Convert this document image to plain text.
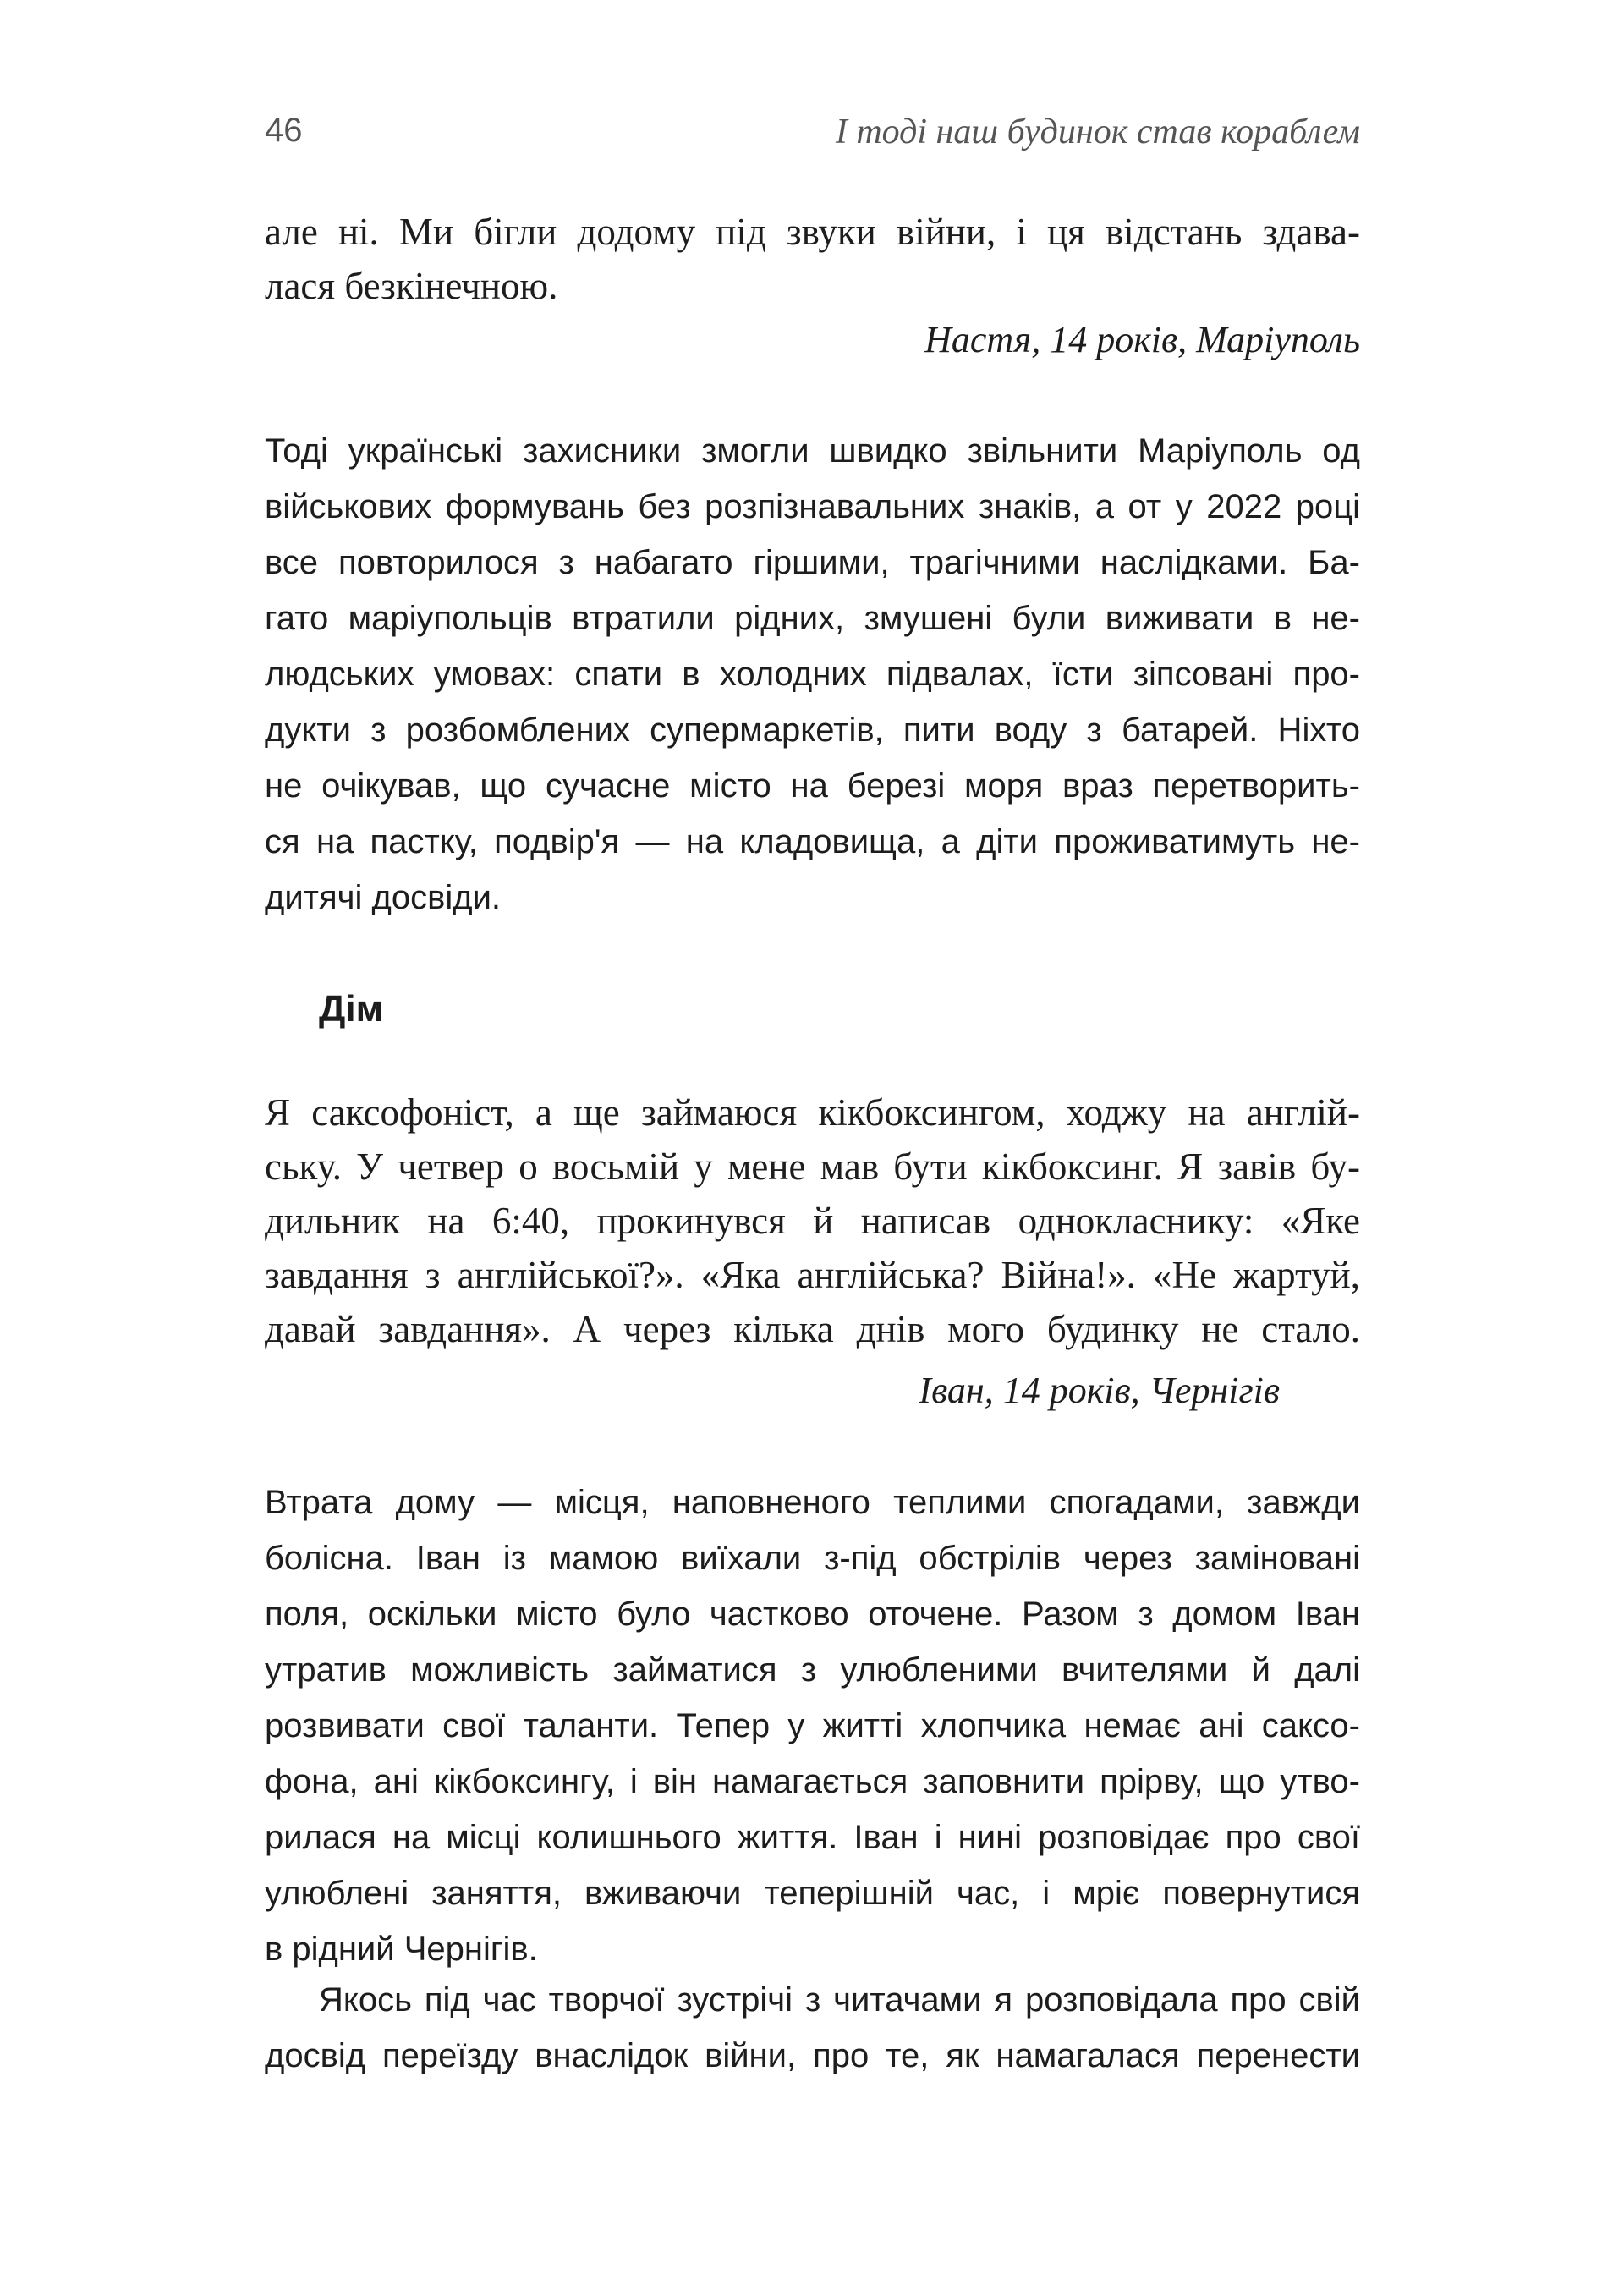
46	І тоді наш будинок став кораблем
але ні. Ми бігли додому під звуки війни, і ця відстань здава-
лася безкінечною.
Настя, 14 років, Маріуполь
Тоді українські захисники змогли швидко звільнити Маріуполь од
військових формувань без розпізнавальних знаків, а от у 2022 році
все повторилося з набагато гіршими, трагічними наслідками. Ба-
гато маріупольців втратили рідних, змушені були виживати в не-
людських умовах: спати в холодних підвалах, їсти зіпсовані про-
дукти з розбомблених супермаркетів, пити воду з батарей. Ніхто
не очікував, що сучасне місто на березі моря враз перетворить-
ся на пастку, подвір'я — на кладовища, а діти проживатимуть не-
дитячі досвіди.
Дім
Я саксофоніст, а ще займаюся кікбоксингом, ходжу на англій-
ську. У четвер о восьмій у мене мав бути кікбоксинг. Я завів бу-
дильник на 6:40, прокинувся й написав однокласнику: «Яке
завдання з англійської?». «Яка англійська? Війна!». «Не жартуй,
давай завдання». А через кілька днів мого будинку не стало.
Іван, 14 років, Чернігів
Втрата дому — місця, наповненого теплими спогадами, завжди
болісна. Іван із мамою виїхали з-під обстрілів через заміновані
поля, оскільки місто було частково оточене. Разом з домом Іван
утратив можливість займатися з улюбленими вчителями й далі
розвивати свої таланти. Тепер у житті хлопчика немає ані саксо-
фона, ані кікбоксингу, і він намагається заповнити прірву, що утво-
рилася на місці колишнього життя. Іван і нині розповідає про свої
улюблені заняття, вживаючи теперішній час, і мріє повернутися
в рідний Чернігів.
Якось під час творчої зустрічі з читачами я розповідала про свій
досвід переїзду внаслідок війни, про те, як намагалася перенести
